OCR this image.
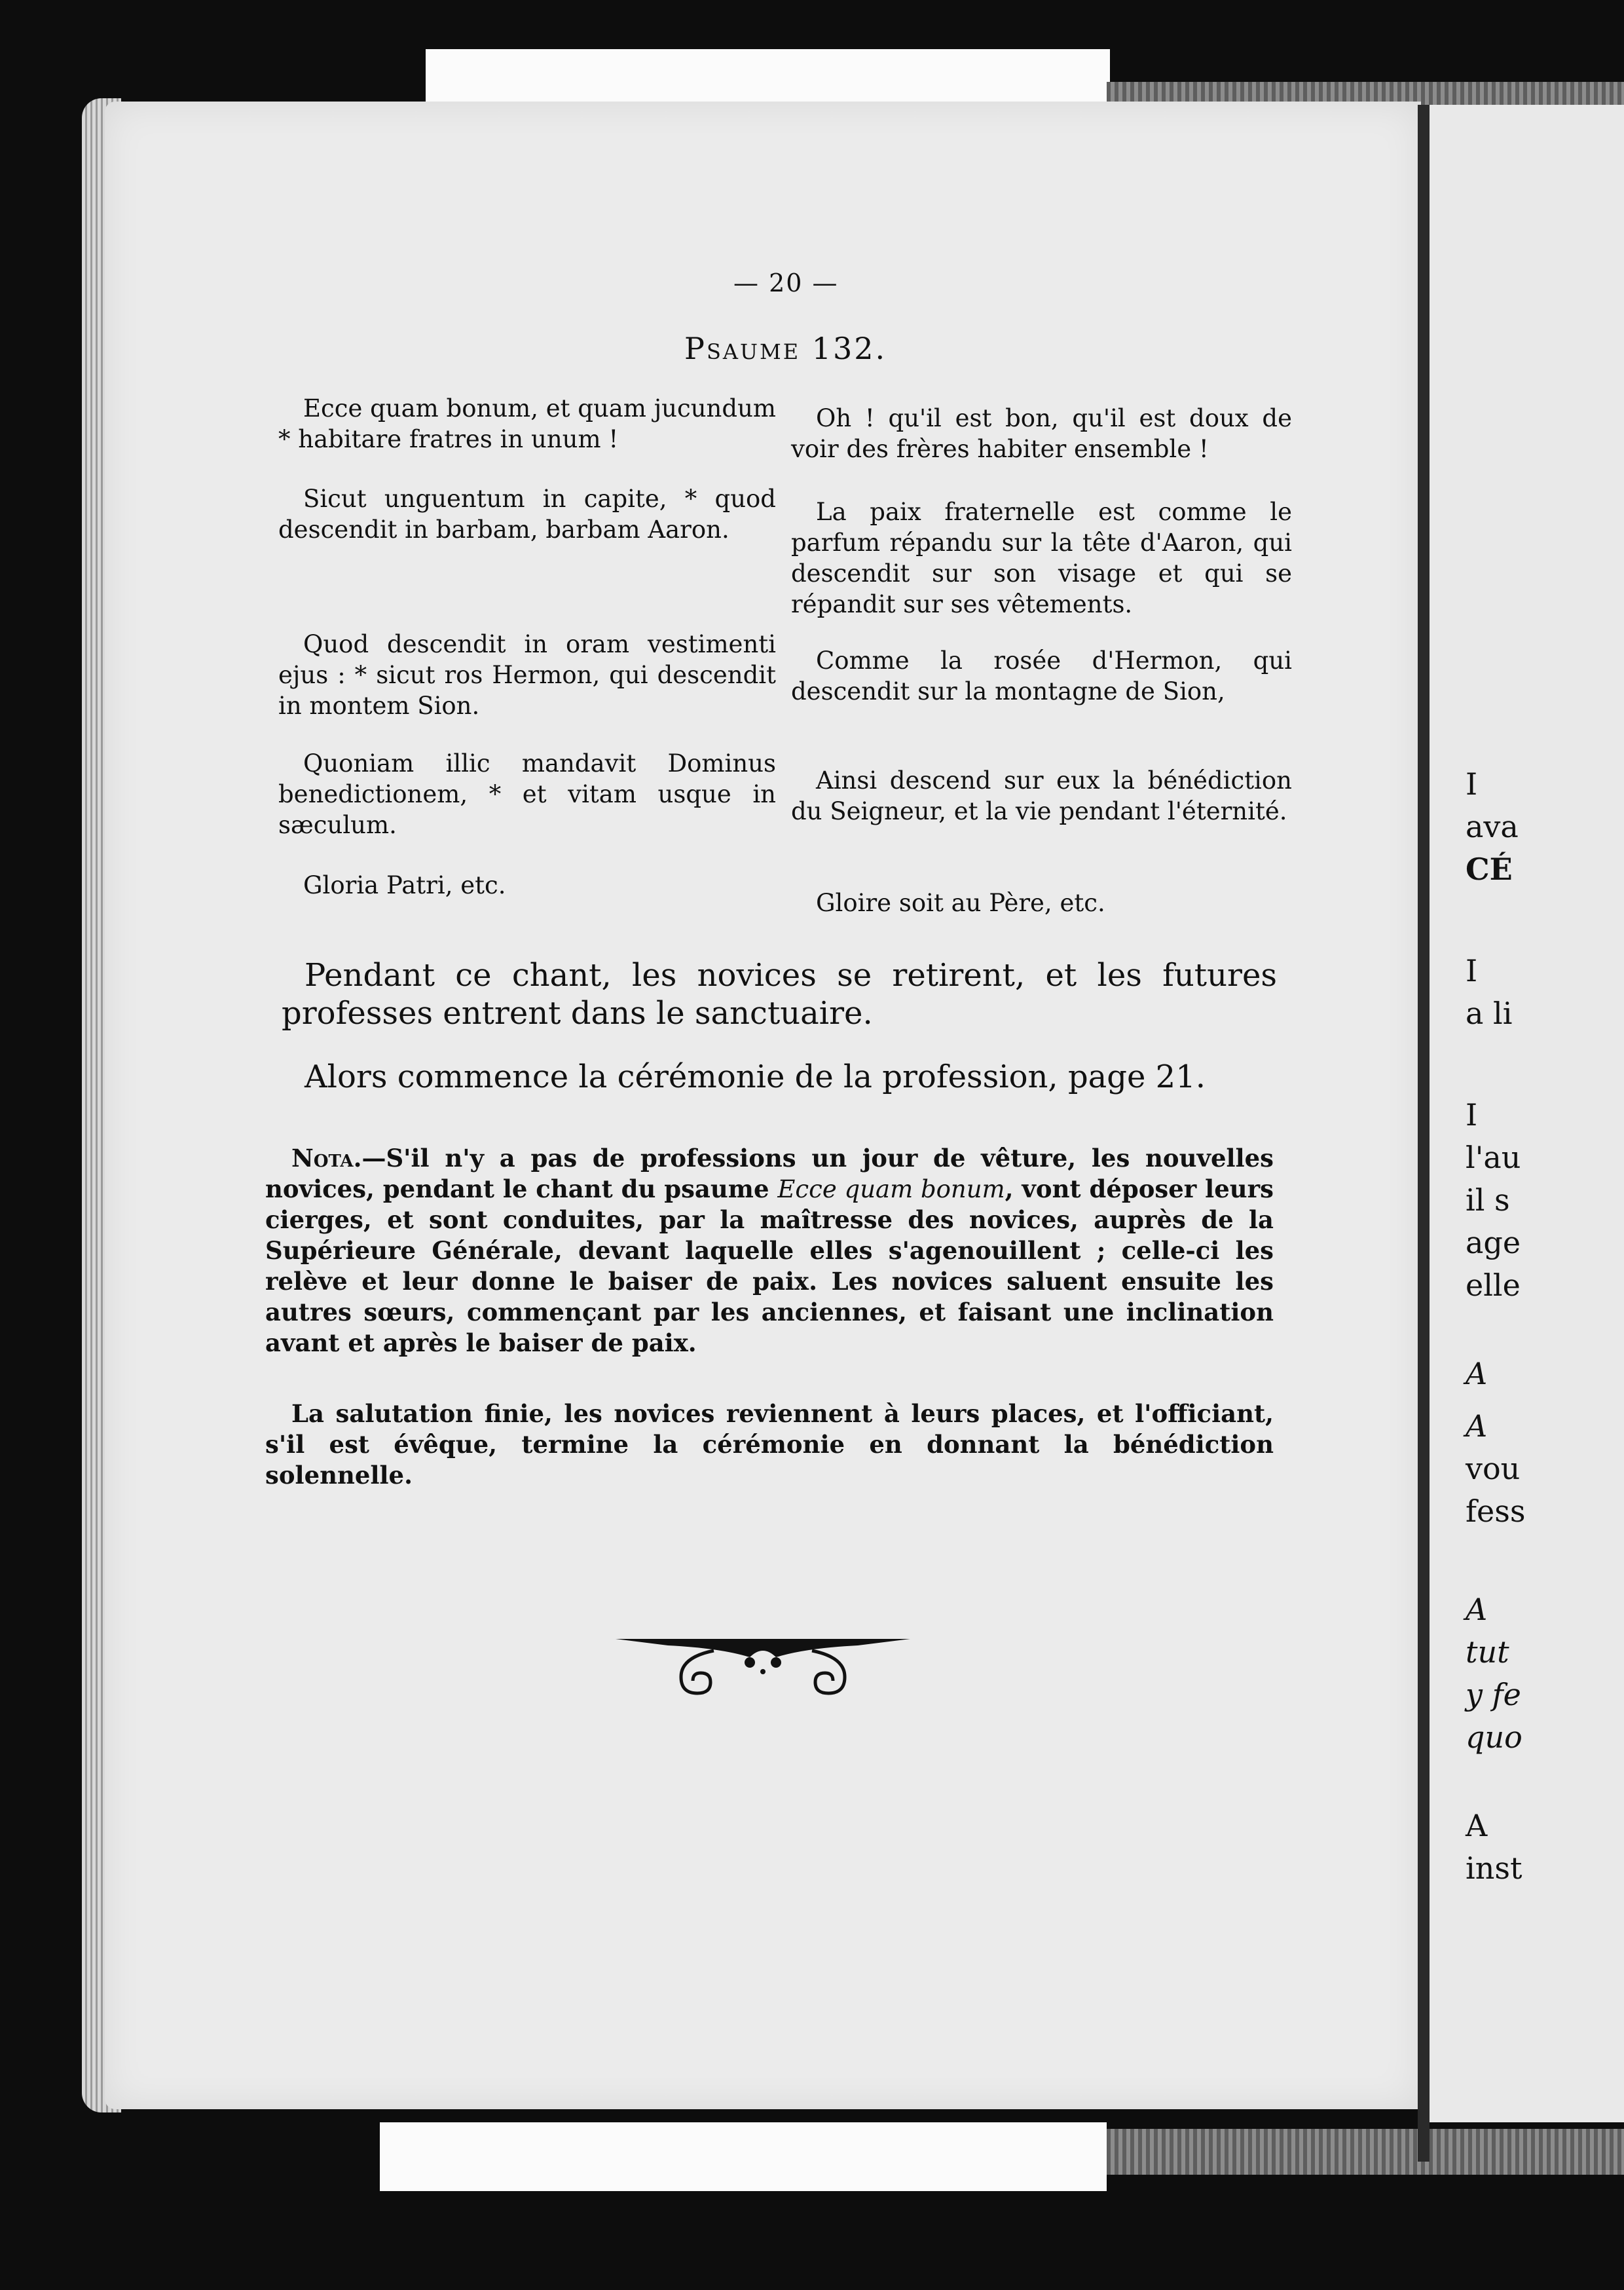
I
ava
CÉ
I
a li
I
l'au
il s
age
elle
A
A
vou
fess
A
tut
y fe
quo
A
inst
— 20 —
Psaume 132.

Ecce quam bonum, et quam jucundum * habitare fratres in unum !

Sicut unguentum in capite, * quod descendit in barbam, barbam Aaron.

Quod descendit in oram vestimenti ejus : * sicut ros Hermon, qui descendit in montem Sion.

Quoniam illic mandavit Dominus benedictionem, * et vitam usque in sæculum.

Gloria Patri, etc.

Oh ! qu'il est bon, qu'il est doux de voir des frères habiter ensemble !

La paix fraternelle est comme le parfum répandu sur la tête d'Aaron, qui descendit sur son visage et qui se répandit sur ses vêtements.

Comme la rosée d'Hermon, qui descendit sur la montagne de Sion,

Ainsi descend sur eux la bénédiction du Seigneur, et la vie pendant l'éternité.

Gloire soit au Père, etc.

Pendant ce chant, les novices se retirent, et les futures professes entrent dans le sanctuaire.

Alors commence la cérémonie de la profession, page 21.

Nota.—S'il n'y a pas de professions un jour de vêture, les nouvelles novices, pendant le chant du psaume Ecce quam bonum, vont déposer leurs cierges, et sont conduites, par la maîtresse des novices, auprès de la Supérieure Générale, devant laquelle elles s'agenouillent ; celle-ci les relève et leur donne le baiser de paix. Les novices saluent ensuite les autres sœurs, commençant par les anciennes, et faisant une inclination avant et après le baiser de paix.

La salutation finie, les novices reviennent à leurs places, et l'officiant, s'il est évêque, termine la cérémonie en donnant la bénédiction solennelle.
